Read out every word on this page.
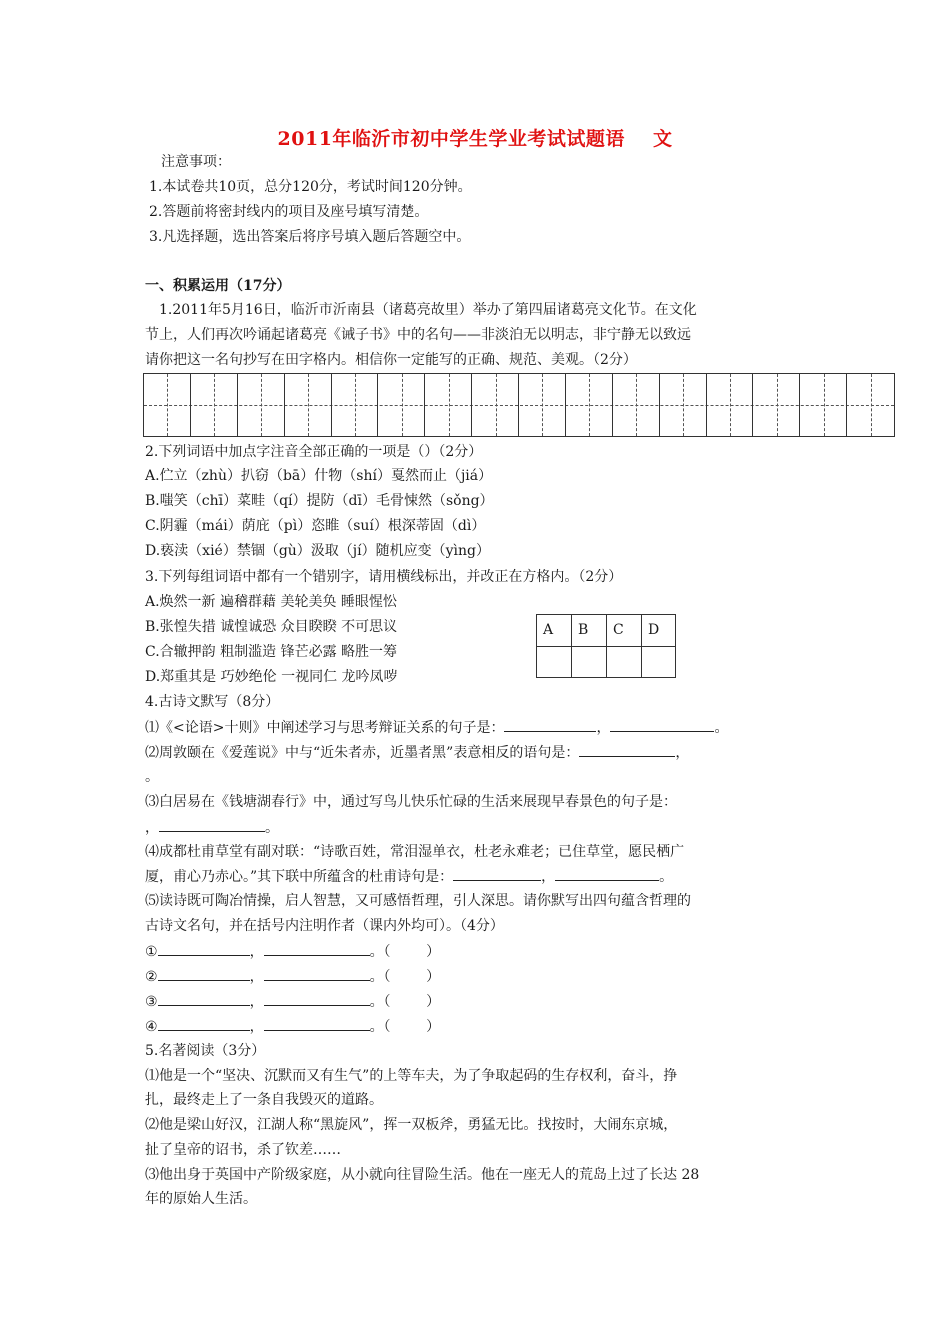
2011年临沂市初中学生学业考试试题语 文
注意事项：
1.本试卷共10页，总分120分，考试时间120分钟。
2.答题前将密封线内的项目及座号填写清楚。
3.凡选择题，选出答案后将序号填入题后答题空中。
一、积累运用（17分）
1.2011年5月16日，临沂市沂南县（诸葛亮故里）举办了第四届诸葛亮文化节。在文化
节上，人们再次吟诵起诸葛亮《诫子书》中的名句——非淡泊无以明志，非宁静无以致远
请你把这一名句抄写在田字格内。相信你一定能写的正确、规范、美观。（2分）
2.下列词语中加点字注音全部正确的一项是（）（2分）
A.伫立（zhù）扒窃（bā）什物（shí）戛然而止（jiá）
B.嗤笑（chī）菜畦（qí）提防（dī）毛骨悚然（sǒng）
C.阴霾（mái）荫庇（pì）恣睢（suí）根深蒂固（dì）
D.亵渎（xié）禁锢（gù）汲取（jí）随机应变（yìng）
3.下列每组词语中都有一个错别字，请用横线标出，并改正在方格内。（2分）
A.焕然一新 遍稽群藉 美轮美奂 睡眼惺忪
B.张惶失措 诚惶诚恐 众目睽睽 不可思议
C.合辙押韵 粗制滥造 锋芒必露 略胜一筹
D.郑重其是 巧妙绝伦 一视同仁 龙吟凤哕
A	B	C	D
4.古诗文默写（8分）
⑴《<论语>十则》中阐述学习与思考辩证关系的句子是：	，	。
⑵周敦颐在《爱莲说》中与“近朱者赤，近墨者黑”表意相反的语句是：	，
。
⑶白居易在《钱塘湖春行》中，通过写鸟儿快乐忙碌的生活来展现早春景色的句子是：
，	。
⑷成都杜甫草堂有副对联：“诗歌百姓，常泪湿单衣，杜老永难老；已住草堂，愿民栖广
厦，甫心乃赤心。”其下联中所蕴含的杜甫诗句是：	，	。
⑸读诗既可陶冶情操，启人智慧，又可感悟哲理，引人深思。请你默写出四句蕴含哲理的
古诗文名句，并在括号内注明作者（课内外均可）。（4分）
①	，	。（        ）
②	，	。（        ）
③	，	。（        ）
④	，	。（        ）
5.名著阅读（3分）
⑴他是一个“坚决、沉默而又有生气”的上等车夫，为了争取起码的生存权利，奋斗，挣
扎，最终走上了一条自我毁灭的道路。
⑵他是梁山好汉，江湖人称“黑旋风”，挥一双板斧，勇猛无比。找按时，大闹东京城，
扯了皇帝的诏书，杀了钦差……
⑶他出身于英国中产阶级家庭，从小就向往冒险生活。他在一座无人的荒岛上过了长达 28
年的原始人生活。
